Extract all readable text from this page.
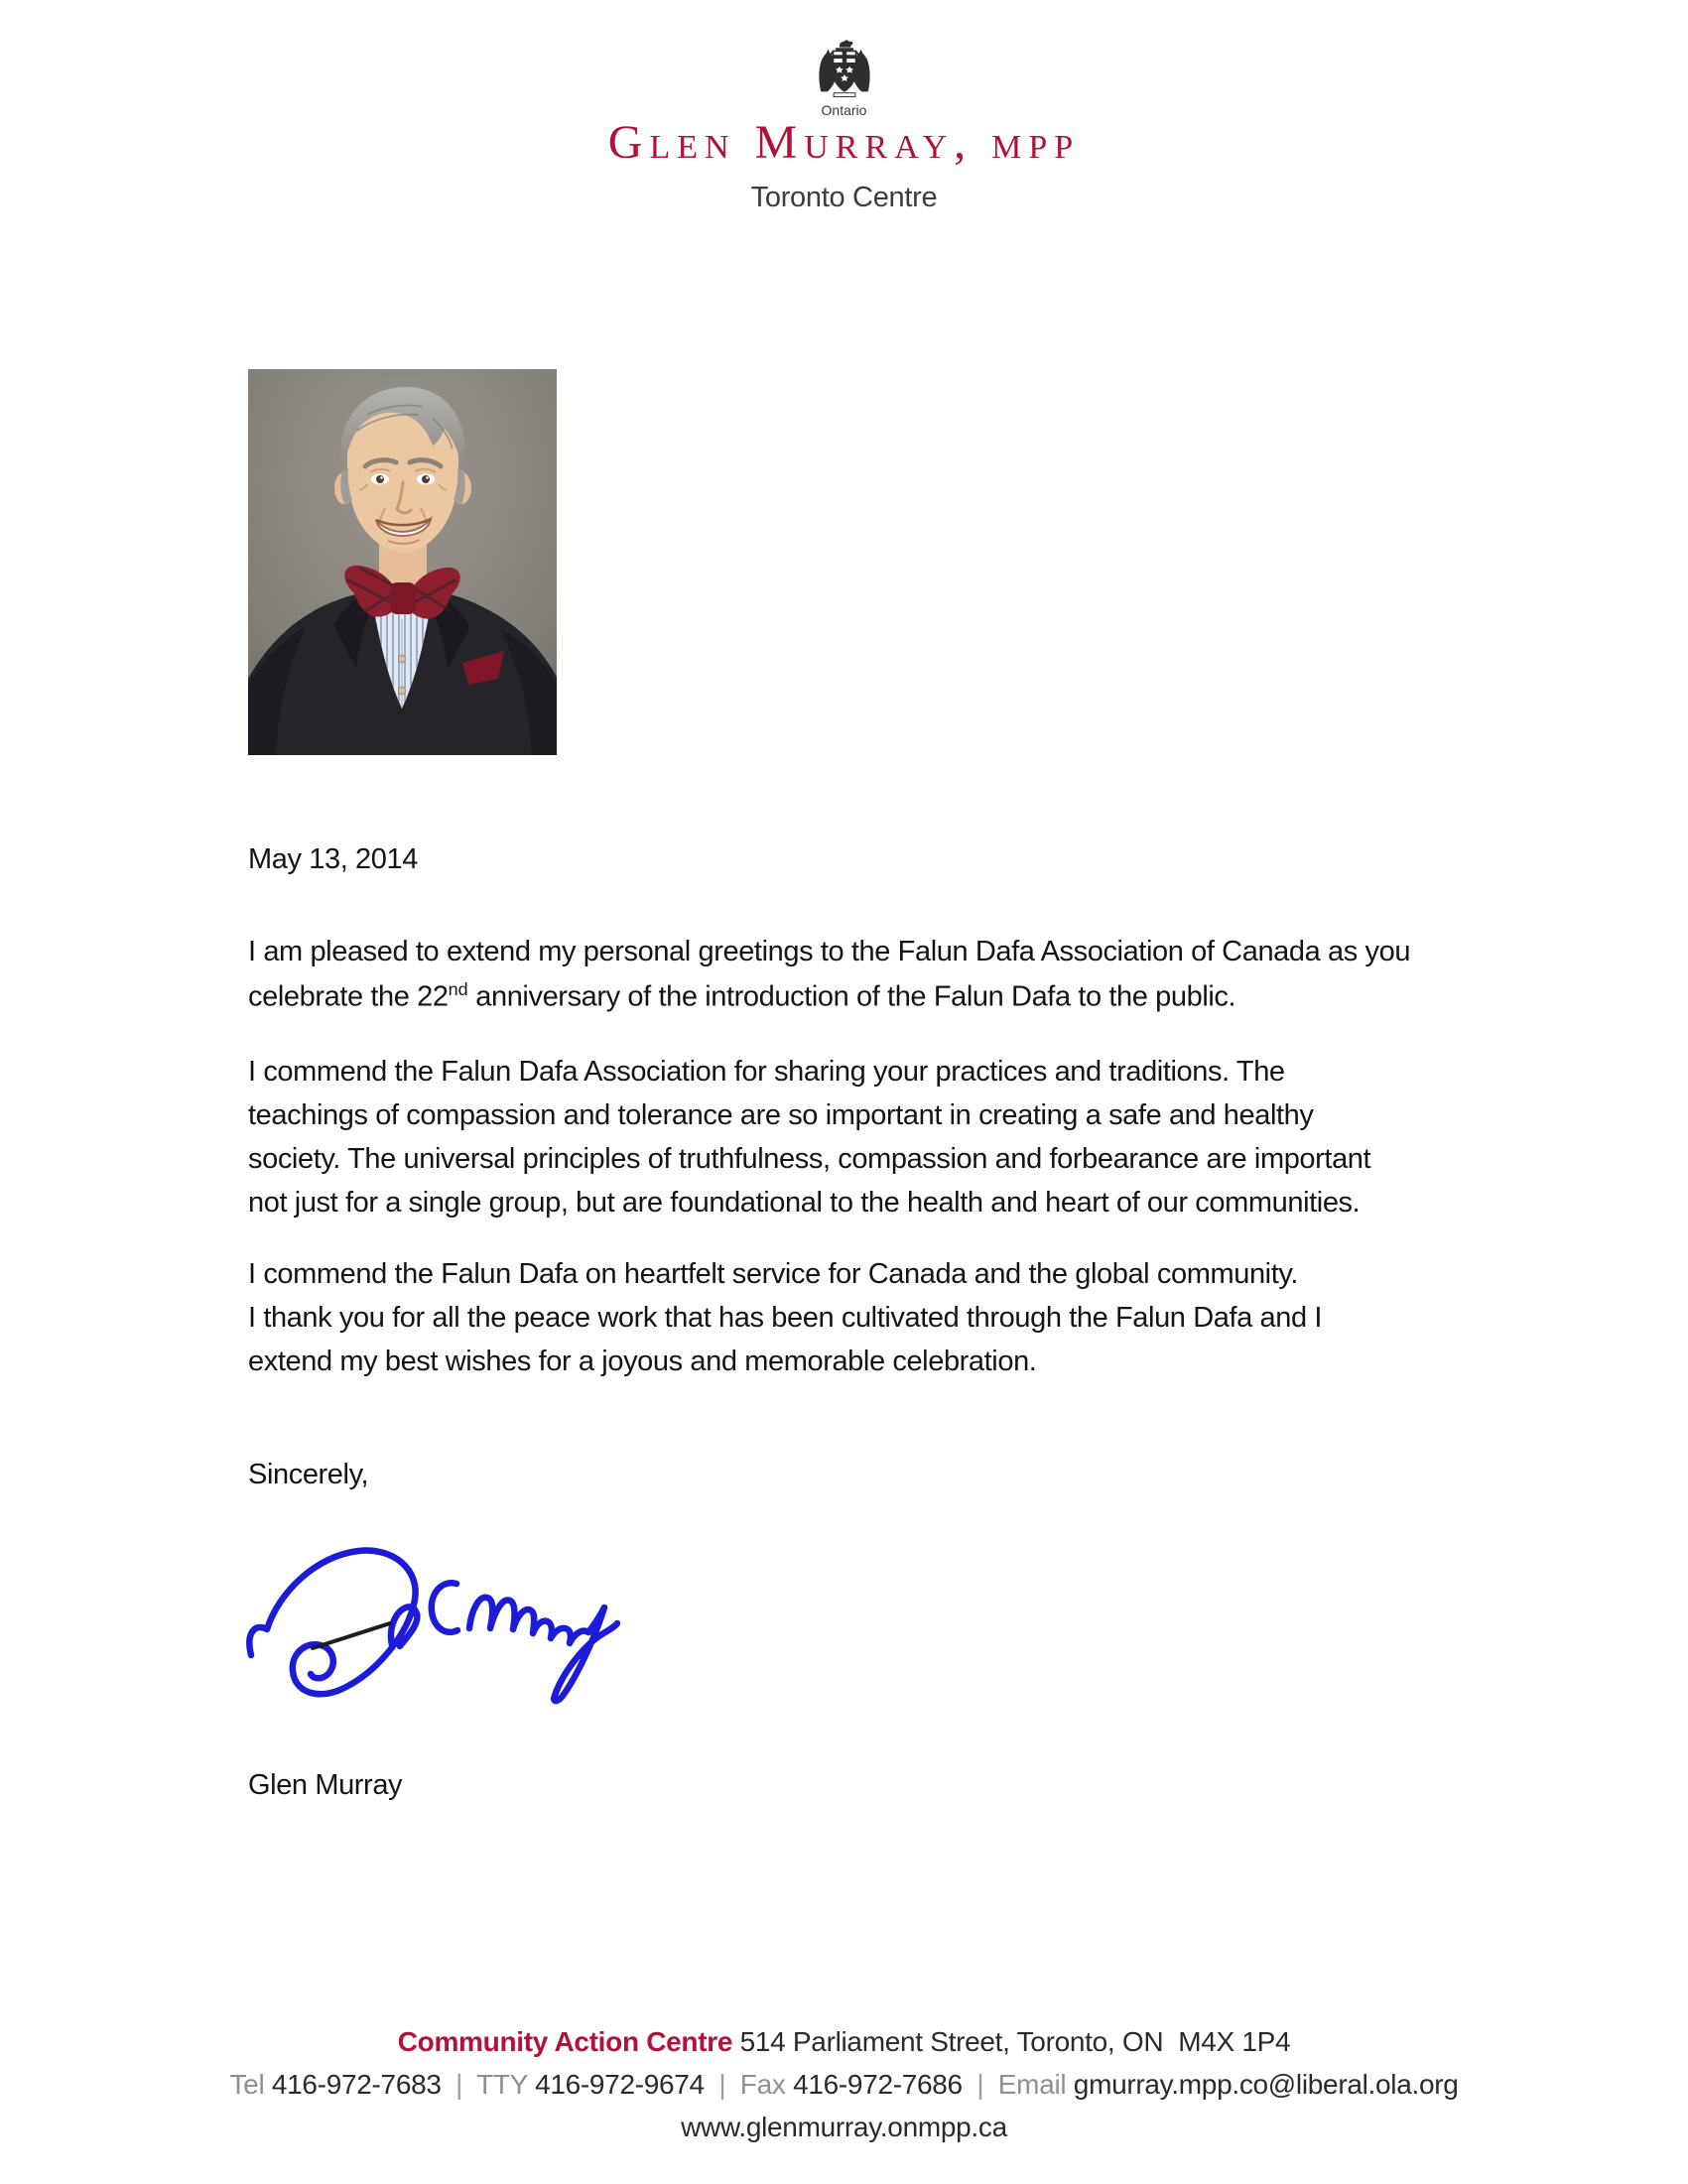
Ontario
Glen Murray, mpp
Toronto Centre
May 13, 2014
I am pleased to extend my personal greetings to the Falun Dafa Association of Canada as you
celebrate the 22nd anniversary of the introduction of the Falun Dafa to the public.
I commend the Falun Dafa Association for sharing your practices and traditions. The
teachings of compassion and tolerance are so important in creating a safe and healthy
society. The universal principles of truthfulness, compassion and forbearance are important
not just for a single group, but are foundational to the health and heart of our communities.
I commend the Falun Dafa on heartfelt service for Canada and the global community.
I thank you for all the peace work that has been cultivated through the Falun Dafa and I
extend my best wishes for a joyous and memorable celebration.
Sincerely,
Glen Murray
Community Action Centre 514 Parliament Street, Toronto, ON  M4X 1P4
Tel 416-972-7683 | TTY 416-972-9674 | Fax 416-972-7686 | Email gmurray.mpp.co@liberal.ola.org
www.glenmurray.onmpp.ca
